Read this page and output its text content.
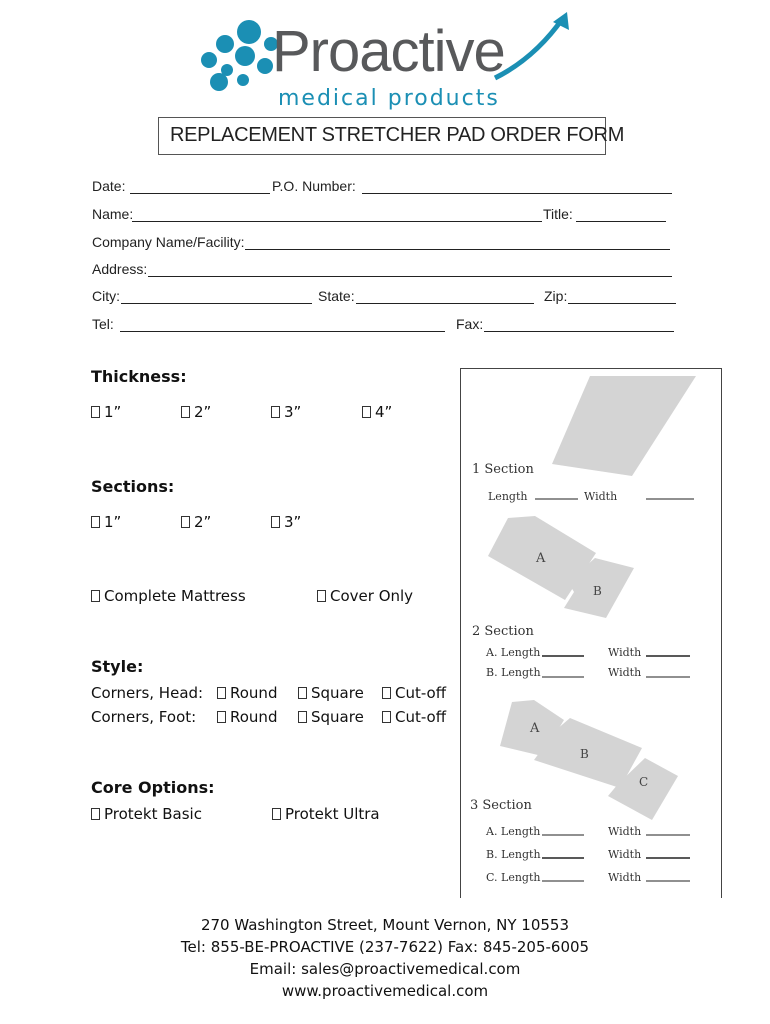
Proactive
medical products
REPLACEMENT STRETCHER PAD ORDER FORM
Date:	P.O. Number:
Name:	Title:
Company Name/Facility:
Address:
City:	State:	Zip:
Tel:	Fax:
Thickness:
1”	2”	3”	4”
Sections:
1”	2”	3”
Complete Mattress	Cover Only
Style:
Corners, Head:	Round	Square	Cut-off
Corners, Foot:	Round	Square	Cut-off
Core Options:
Protekt Basic	Protekt Ultra
1 Section
Length	Width
A
B
2 Section
A. Length	Width
B. Length	Width
A
B
C
3 Section
A. Length	Width
B. Length	Width
C. Length	Width
270 Washington Street, Mount Vernon, NY 10553
Tel: 855-BE-PROACTIVE (237-7622) Fax: 845-205-6005
Email: sales@proactivemedical.com
www.proactivemedical.com
